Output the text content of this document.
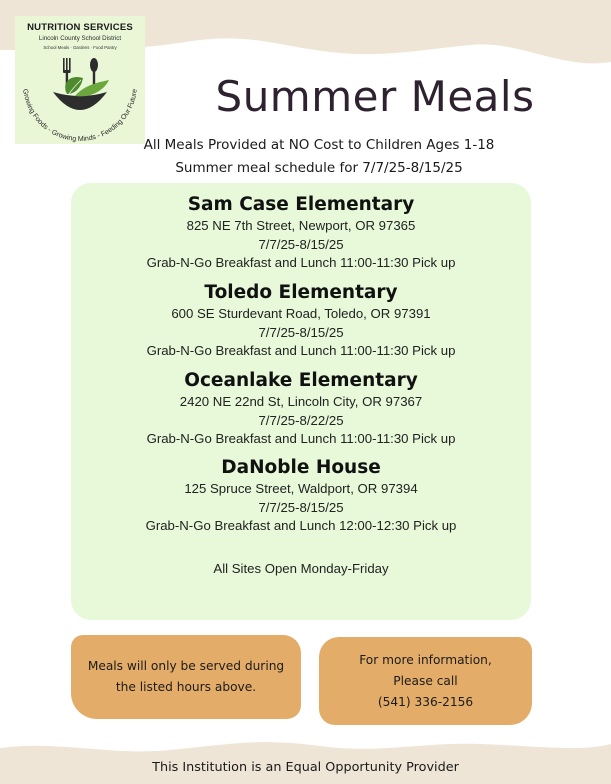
NUTRITION SERVICES
Lincoln County School District
School Meals · Gardens · Food Pantry
Growing Foods - Growing Minds - Feeding Our Future	Summer Meals
All Meals Provided at NO Cost to Children Ages 1-18
Summer meal schedule for 7/7/25-8/15/25
Sam Case Elementary
825 NE 7th Street, Newport, OR 97365
7/7/25-8/15/25
Grab-N-Go Breakfast and Lunch 11:00-11:30 Pick up
Toledo Elementary
600 SE Sturdevant Road, Toledo, OR 97391
7/7/25-8/15/25
Grab-N-Go Breakfast and Lunch 11:00-11:30 Pick up
Oceanlake Elementary
2420 NE 22nd St, Lincoln City, OR 97367
7/7/25-8/22/25
Grab-N-Go Breakfast and Lunch 11:00-11:30 Pick up
DaNoble House
125 Spruce Street, Waldport, OR 97394
7/7/25-8/15/25
Grab-N-Go Breakfast and Lunch 12:00-12:30 Pick up
All Sites Open Monday-Friday
Meals will only be served during
the listed hours above.
For more information,
Please call
(541) 336-2156
This Institution is an Equal Opportunity Provider
